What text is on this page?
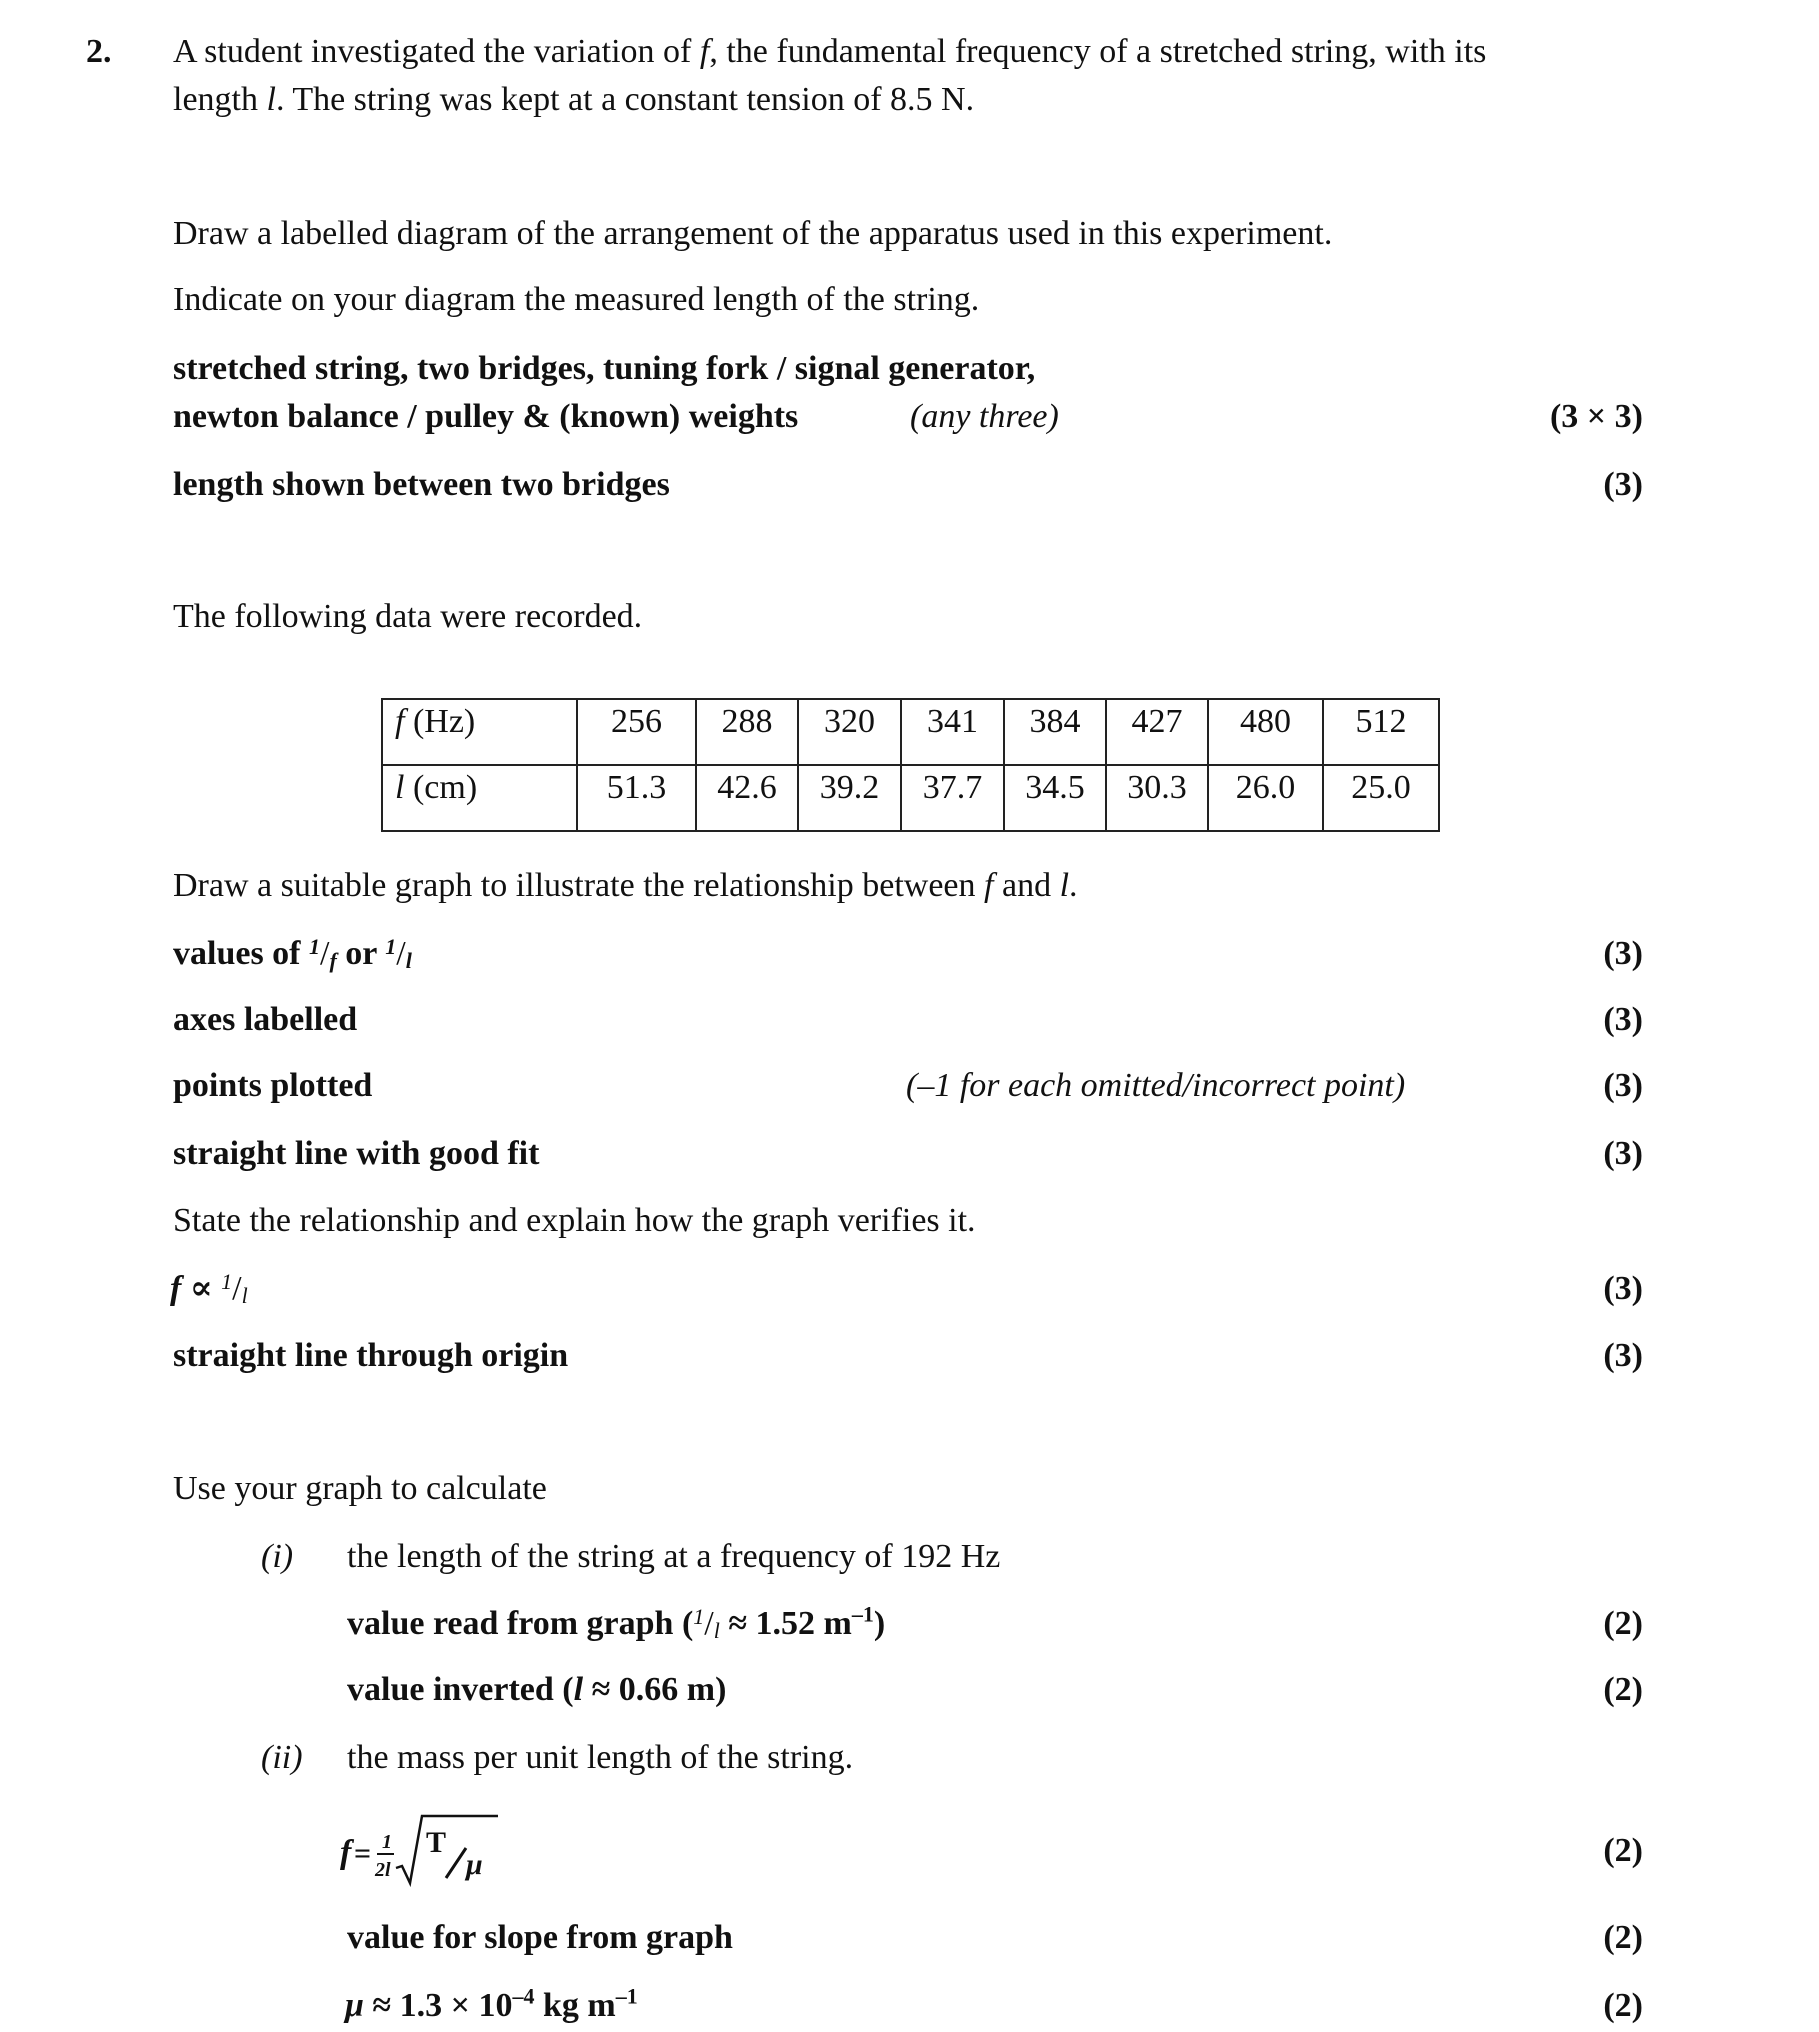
2. A student investigated the variation of f, the fundamental frequency of a stretched string, with its
length l. The string was kept at a constant tension of 8.5 N.
Draw a labelled diagram of the arrangement of the apparatus used in this experiment.
Indicate on your diagram the measured length of the string.
stretched string, two bridges, tuning fork / signal generator,
newton balance / pulley & (known) weights	(any three)	(3 × 3)
length shown between two bridges	(3)
The following data were recorded.
f (Hz)	256	288	320	341	384	427	480	512
l (cm)	51.3	42.6	39.2	37.7	34.5	30.3	26.0	25.0
Draw a suitable graph to illustrate the relationship between f and l.
values of $^1$/f or $^1$/l	(3)
axes labelled	(3)
points plotted	(–1 for each omitted/incorrect point)	(3)
straight line with good fit	(3)
State the relationship and explain how the graph verifies it.
f ∝ $^1$/l	(3)
straight line through origin	(3)
Use your graph to calculate
(i) the length of the string at a frequency of 192 Hz
value read from graph ($^1$/l ≈ 1.52 $m^{-1}$)	(2)
value inverted (l ≈ 0.66 m)	(2)
(ii) the mass per unit length of the string.
f = 1
2l
T
μ	(2)
value for slope from graph	(2)
$\mu \approx 1.3 \times 10^{-4}$ kg $m^{-1}$	(2)
